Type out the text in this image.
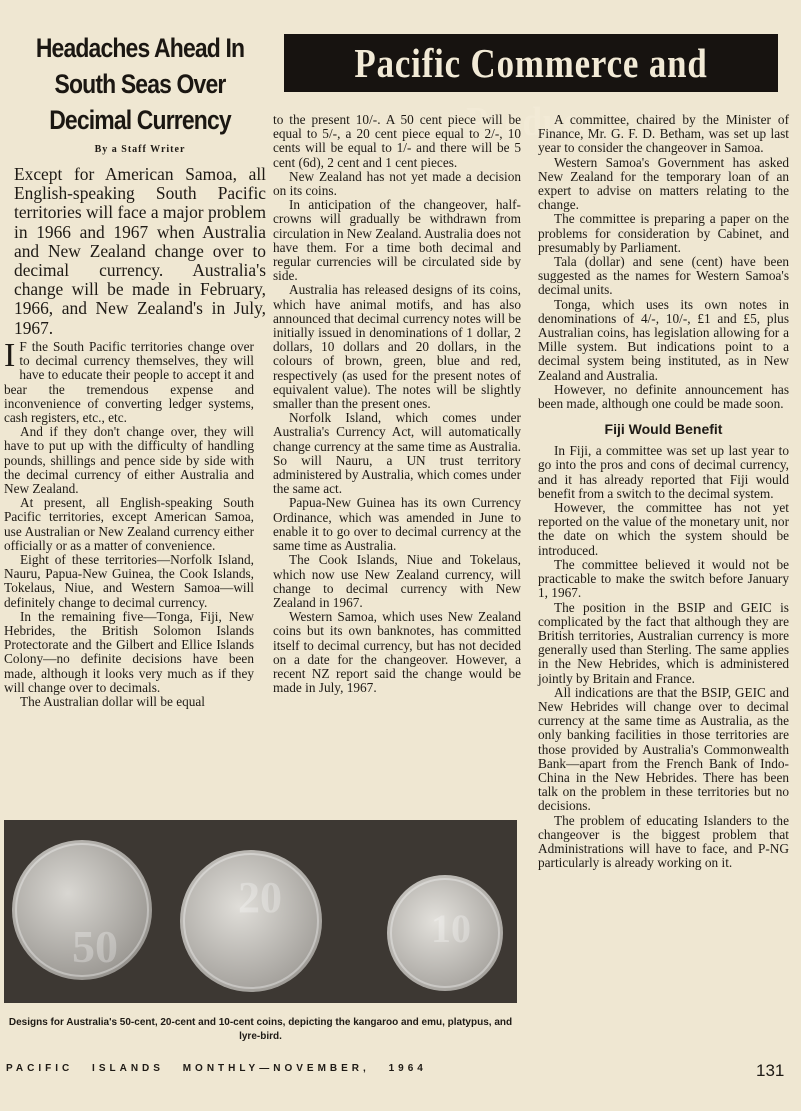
Headaches Ahead In South Seas Over Decimal Currency
By a Staff Writer
Pacific Commerce and Produce
Except for American Samoa, all English-speaking South Pacific territories will face a major problem in 1966 and 1967 when Australia and New Zealand change over to decimal currency. Australia's change will be made in February, 1966, and New Zealand's in July, 1967.

I F the South Pacific territories change over to decimal currency themselves, they will have to educate their people to accept it and bear the tremendous expense and inconvenience of converting ledger systems, cash registers, etc., etc.

And if they don't change over, they will have to put up with the difficulty of handling pounds, shillings and pence side by side with the decimal currency of either Australia and New Zealand.

At present, all English-speaking South Pacific territories, except American Samoa, use Australian or New Zealand currency either officially or as a matter of convenience.

Eight of these territories—Norfolk Island, Nauru, Papua-New Guinea, the Cook Islands, Tokelaus, Niue, and Western Samoa—will definitely change to decimal currency.

In the remaining five—Tonga, Fiji, New Hebrides, the British Solomon Islands Protectorate and the Gilbert and Ellice Islands Colony—no definite decisions have been made, although it looks very much as if they will change over to decimals.

The Australian dollar will be equal

to the present 10/-. A 50 cent piece will be equal to 5/-, a 20 cent piece equal to 2/-, 10 cents will be equal to 1/- and there will be 5 cent (6d), 2 cent and 1 cent pieces.

New Zealand has not yet made a decision on its coins.

In anticipation of the changeover, half-crowns will gradually be withdrawn from circulation in New Zealand. Australia does not have them. For a time both decimal and regular currencies will be circulated side by side.

Australia has released designs of its coins, which have animal motifs, and has also announced that decimal currency notes will be initially issued in denominations of 1 dollar, 2 dollars, 10 dollars and 20 dollars, in the colours of brown, green, blue and red, respectively (as used for the present notes of equivalent value). The notes will be slightly smaller than the present ones.

Norfolk Island, which comes under Australia's Currency Act, will automatically change currency at the same time as Australia. So will Nauru, a UN trust territory administered by Australia, which comes under the same act.

Papua-New Guinea has its own Currency Ordinance, which was amended in June to enable it to go over to decimal currency at the same time as Australia.

The Cook Islands, Niue and Tokelaus, which now use New Zealand currency, will change to decimal currency with New Zealand in 1967.

Western Samoa, which uses New Zealand coins but its own banknotes, has committed itself to decimal currency, but has not decided on a date for the changeover. However, a recent NZ report said the change would be made in July, 1967.

A committee, chaired by the Minister of Finance, Mr. G. F. D. Betham, was set up last year to consider the changeover in Samoa.

Western Samoa's Government has asked New Zealand for the temporary loan of an expert to advise on matters relating to the change.

The committee is preparing a paper on the problems for consideration by Cabinet, and presumably by Parliament.

Tala (dollar) and sene (cent) have been suggested as the names for Western Samoa's decimal units.

Tonga, which uses its own notes in denominations of 4/-, 10/-, £1 and £5, plus Australian coins, has legislation allowing for a Mille system. But indications point to a decimal system being instituted, as in New Zealand and Australia.

However, no definite announcement has been made, although one could be made soon.

Fiji Would Benefit

In Fiji, a committee was set up last year to go into the pros and cons of decimal currency, and it has already reported that Fiji would benefit from a switch to the decimal system.

However, the committee has not yet reported on the value of the monetary unit, nor the date on which the system should be introduced.

The committee believed it would not be practicable to make the switch before January 1, 1967.

The position in the BSIP and GEIC is complicated by the fact that although they are British territories, Australian currency is more generally used than Sterling. The same applies in the New Hebrides, which is administered jointly by Britain and France.

All indications are that the BSIP, GEIC and New Hebrides will change over to decimal currency at the same time as Australia, as the only banking facilities in those territories are those provided by Australia's Commonwealth Bank—apart from the French Bank of Indo-China in the New Hebrides. There has been talk on the problem in these territories but no decisions.

The problem of educating Islanders to the changeover is the biggest problem that Administrations will have to face, and P-NG particularly is already working on it.

50
20
10
Designs for Australia's 50-cent, 20-cent and 10-cent coins, depicting the kangaroo and emu, platypus, and lyre-bird.
PACIFIC ISLANDS MONTHLY—NOVEMBER, 1964	131
